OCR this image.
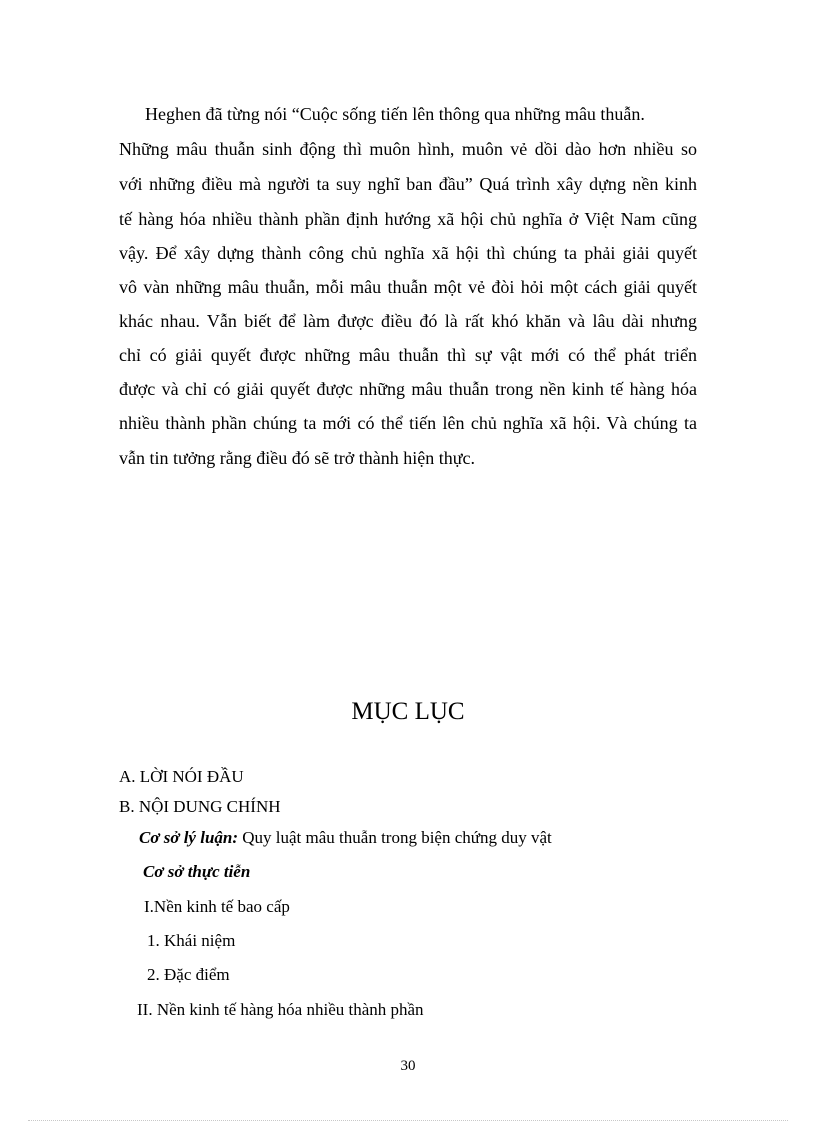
Heghen đã từng nói “Cuộc sống tiến lên thông qua những mâu thuẫn.
Những mâu thuẫn sinh động thì muôn hình, muôn vẻ dồi dào hơn nhiều so
với những điều mà người ta suy nghĩ ban đầu” Quá trình xây dựng nền kinh
tế hàng hóa nhiều thành phần định hướng xã hội chủ nghĩa ở Việt Nam cũng
vậy. Để xây dựng thành công chủ nghĩa xã hội thì chúng ta phải giải quyết
vô vàn những mâu thuẫn, mỗi mâu thuẫn một vẻ đòi hỏi một cách giải quyết
khác nhau. Vẫn biết để làm được điều đó là rất khó khăn và lâu dài nhưng
chỉ có giải quyết được những mâu thuẫn thì sự vật mới có thể phát triển
được và chỉ có giải quyết được những mâu thuẫn trong nền kinh tế hàng hóa
nhiều thành phần chúng ta mới có thể tiến lên chủ nghĩa xã hội. Và chúng ta
vẫn tin tưởng rằng điều đó sẽ trở thành hiện thực.
MỤC LỤC
A. LỜI NÓI ĐẦU
B. NỘI DUNG CHÍNH
Cơ sở lý luận: Quy luật mâu thuẫn trong biện chứng duy vật
Cơ sở thực tiễn
I.Nền kinh tế bao cấp
1. Khái niệm
2. Đặc điểm
II. Nền kinh tế hàng hóa nhiều thành phần
30
